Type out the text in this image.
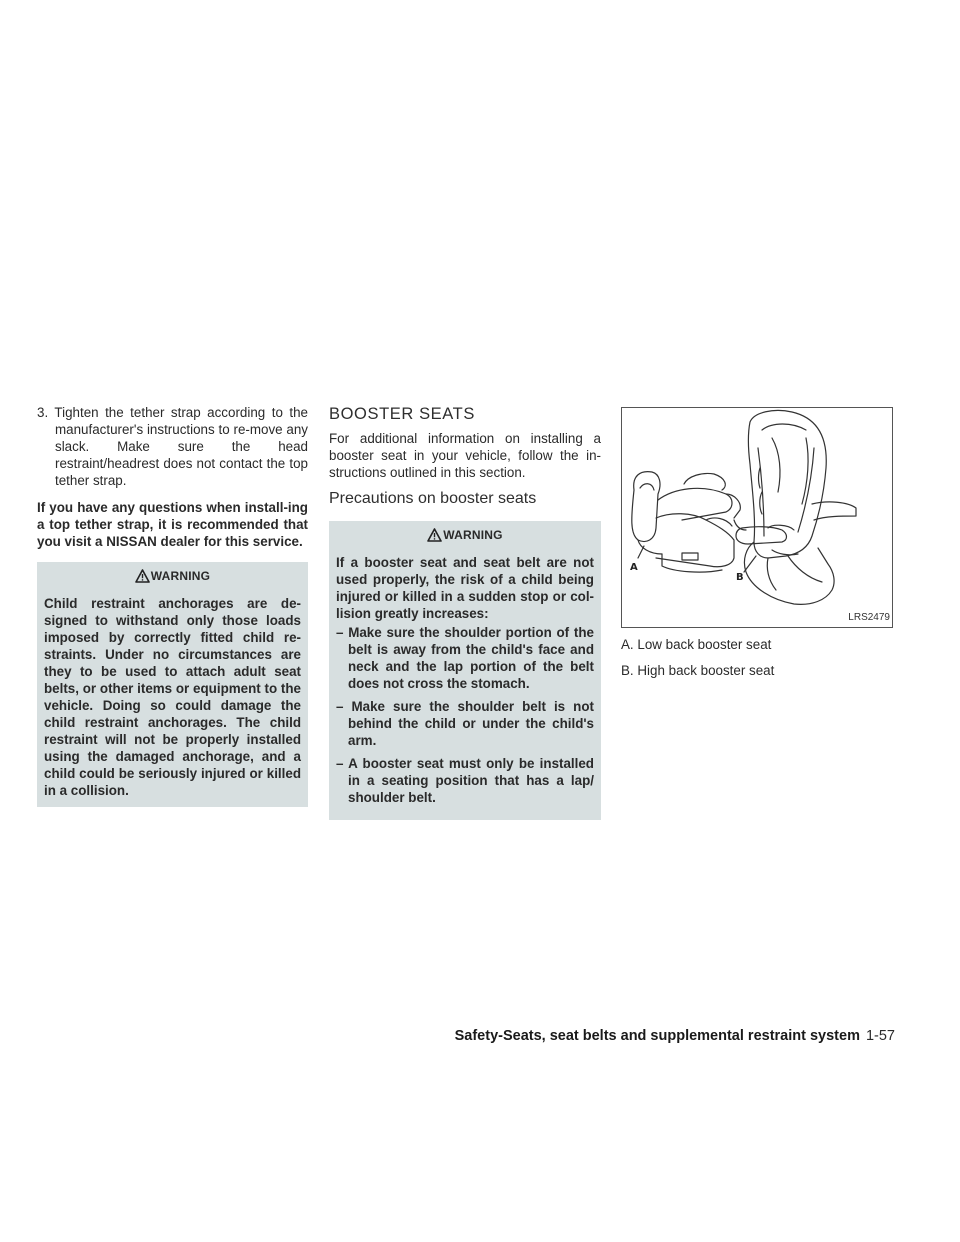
3. Tighten the tether strap according to the manufacturer's instructions to re-move any slack. Make sure the head restraint/headrest does not contact the top tether strap.

If you have any questions when install-ing a top tether strap, it is recommended that you visit a NISSAN dealer for this service.

WARNING

Child restraint anchorages are de-signed to withstand only those loads imposed by correctly fitted child re-straints. Under no circumstances are they to be used to attach adult seat belts, or other items or equipment to the vehicle. Doing so could damage the child restraint anchorages. The child restraint will not be properly installed using the damaged anchorage, and a child could be seriously injured or killed in a collision.

BOOSTER SEATS

For additional information on installing a booster seat in your vehicle, follow the in-structions outlined in this section.

Precautions on booster seats
WARNING

If a booster seat and seat belt are not used properly, the risk of a child being injured or killed in a sudden stop or col-lision greatly increases:

– Make sure the shoulder portion of the belt is away from the child's face and neck and the lap portion of the belt does not cross the stomach.
– Make sure the shoulder belt is not behind the child or under the child's arm.
– A booster seat must only be installed in a seating position that has a lap/ shoulder belt.
A
B
LRS2479

A. Low back booster seat

B. High back booster seat

Safety-Seats, seat belts and supplemental restraint system 1-57
